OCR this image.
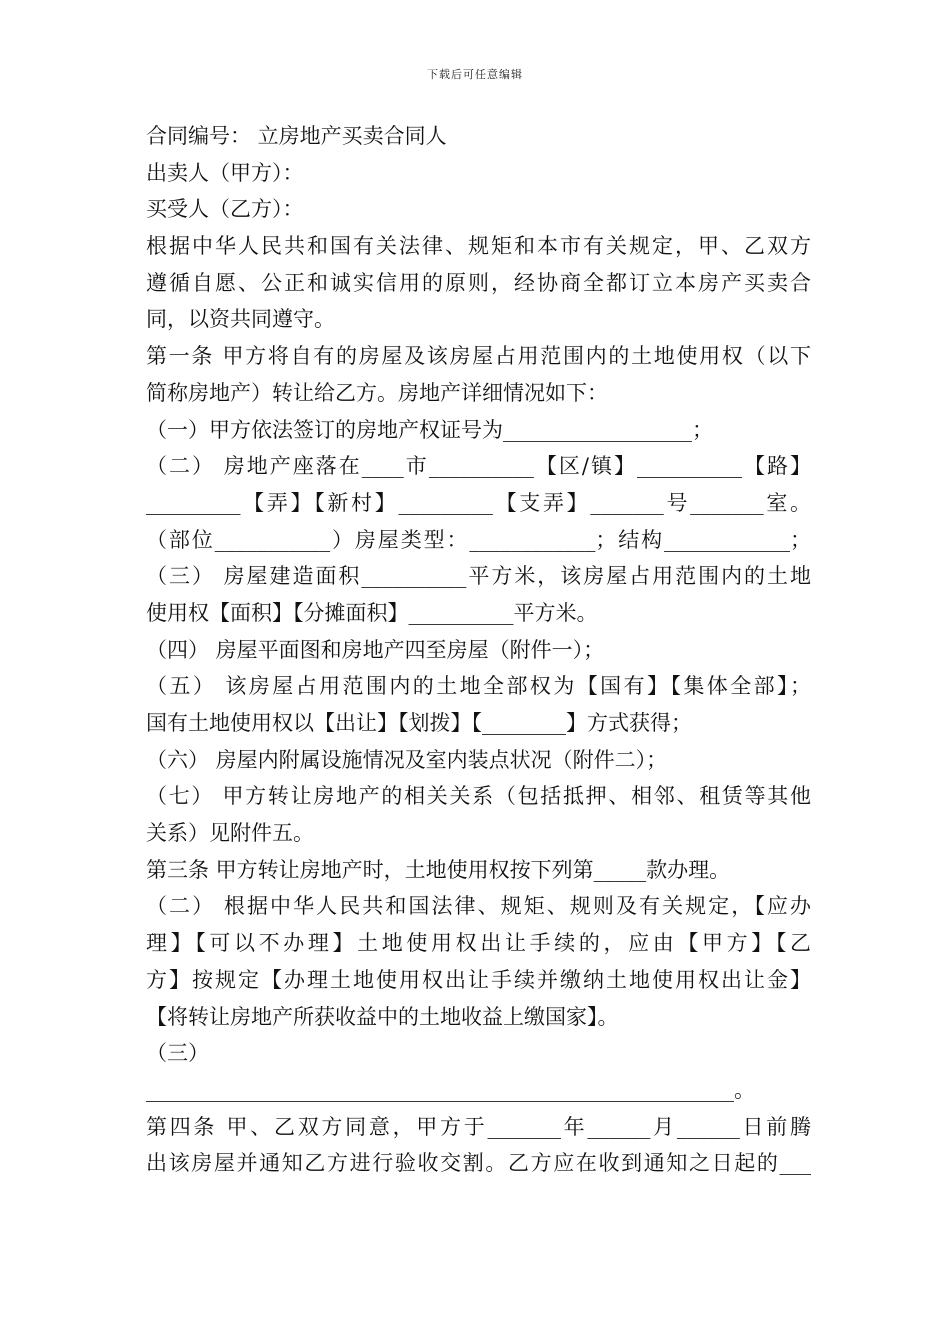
下载后可任意编辑
合同编号： 立房地产买卖合同人
出卖人（甲方）：
买受人（乙方）：
根据中华人民共和国有关法律、规矩和本市有关规定，甲、乙双方
遵循自愿、公正和诚实信用的原则，经协商全都订立本房产买卖合
同，以资共同遵守。
第一条 甲方将自有的房屋及该房屋占用范围内的土地使用权（以下
简称房地产）转让给乙方。房地产详细情况如下：
（一）甲方依法签订的房地产权证号为__________________；
（二） 房地产座落在____市__________【区/镇】__________【路】
_________【弄】【新村】_________【支弄】_______号_______室。
（部位___________）房屋类型：____________；结构____________；
（三） 房屋建造面积__________平方米，该房屋占用范围内的土地
使用权【面积】【分摊面积】__________平方米。
（四） 房屋平面图和房地产四至房屋（附件一）；
（五） 该房屋占用范围内的土地全部权为【国有】【集体全部】；
国有土地使用权以【出让】【划拨】【________】方式获得；
（六） 房屋内附属设施情况及室内装点状况（附件二）；
（七） 甲方转让房地产的相关关系（包括抵押、相邻、租赁等其他
关系）见附件五。
第三条 甲方转让房地产时，土地使用权按下列第_____款办理。
（二） 根据中华人民共和国法律、规矩、规则及有关规定，【应办
理】【可以不办理】土地使用权出让手续的，应由【甲方】【乙
方】按规定【办理土地使用权出让手续并缴纳土地使用权出让金】
【将转让房地产所获收益中的土地收益上缴国家】。
（三）
________________________________________________________。
第四条 甲、乙双方同意，甲方于_______年______月______日前腾
出该房屋并通知乙方进行验收交割。乙方应在收到通知之日起的___
